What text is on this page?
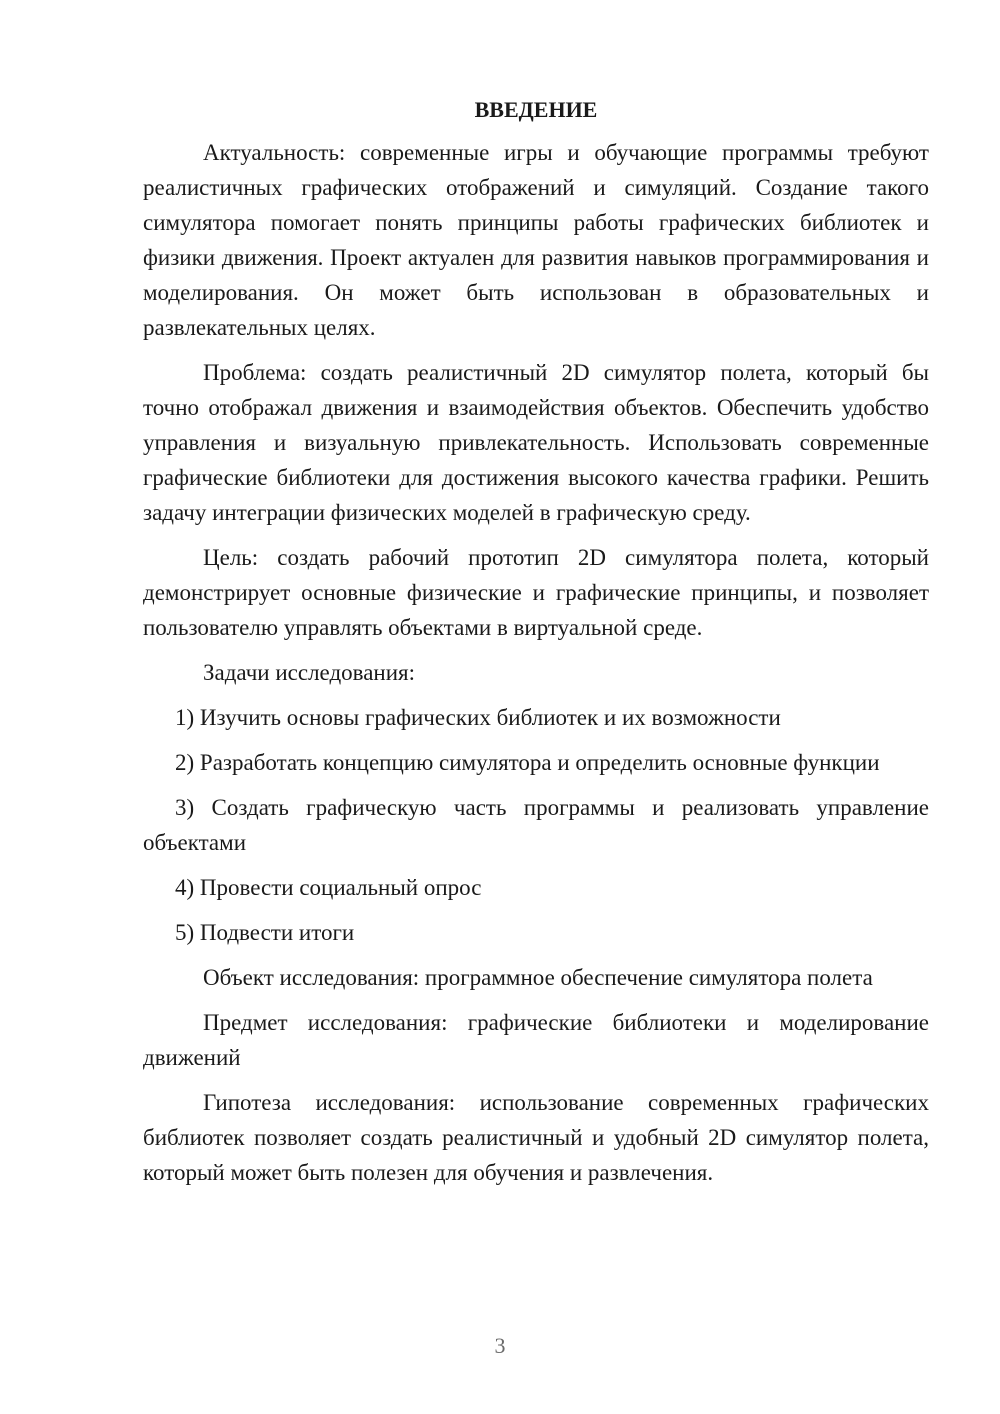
ВВЕДЕНИЕ

Актуальность: современные игры и обучающие программы требуют реалистичных графических отображений и симуляций. Создание такого симулятора помогает понять принципы работы графических библиотек и физики движения. Проект актуален для развития навыков программирования и моделирования. Он может быть использован в образовательных и развлекательных целях.

Проблема: создать реалистичный 2D симулятор полета, который бы точно отображал движения и взаимодействия объектов. Обеспечить удобство управления и визуальную привлекательность. Использовать современные графические библиотеки для достижения высокого качества графики. Решить задачу интеграции физических моделей в графическую среду.

Цель: создать рабочий прототип 2D симулятора полета, который демонстрирует основные физические и графические принципы, и позволяет пользователю управлять объектами в виртуальной среде.

Задачи исследования:

1) Изучить основы графических библиотек и их возможности

2) Разработать концепцию симулятора и определить основные функции

3) Создать графическую часть программы и реализовать управление объектами

4) Провести социальный опрос

5) Подвести итоги

Объект исследования: программное обеспечение симулятора полета

Предмет исследования: графические библиотеки и моделирование движений

Гипотеза исследования: использование современных графических библиотек позволяет создать реалистичный и удобный 2D симулятор полета, который может быть полезен для обучения и развлечения.

3
